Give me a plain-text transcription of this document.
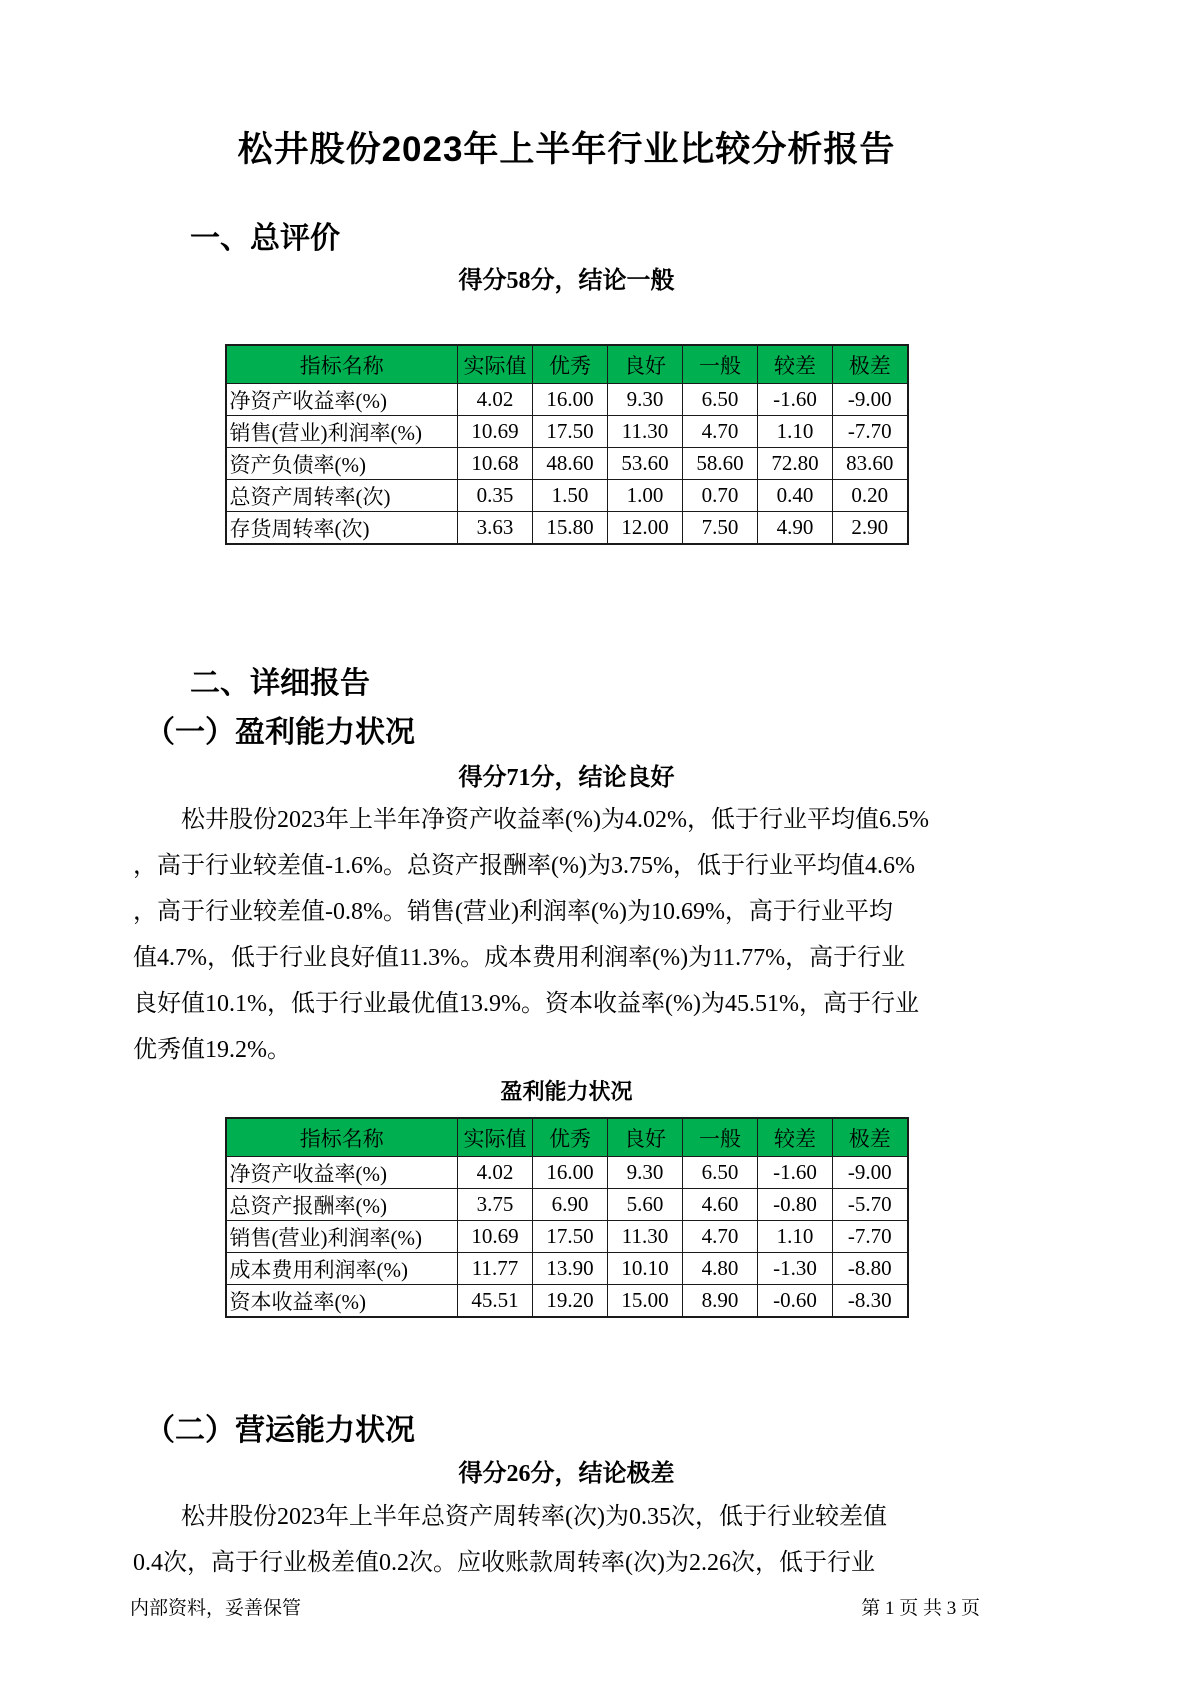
松井股份2023年上半年行业比较分析报告
一、总评价
得分58分，结论一般
指标名称	实际值	优秀	良好	一般	较差	极差
净资产收益率(%)	4.02	16.00	9.30	6.50	-1.60	-9.00
销售(营业)利润率(%)	10.69	17.50	11.30	4.70	1.10	-7.70
资产负债率(%)	10.68	48.60	53.60	58.60	72.80	83.60
总资产周转率(次)	0.35	1.50	1.00	0.70	0.40	0.20
存货周转率(次)	3.63	15.80	12.00	7.50	4.90	2.90
二、详细报告
（一）盈利能力状况
得分71分，结论良好
松井股份2023年上半年净资产收益率(%)为4.02%，低于行业平均值6.5%
，高于行业较差值-1.6%。总资产报酬率(%)为3.75%，低于行业平均值4.6%
，高于行业较差值-0.8%。销售(营业)利润率(%)为10.69%，高于行业平均
值4.7%，低于行业良好值11.3%。成本费用利润率(%)为11.77%，高于行业
良好值10.1%，低于行业最优值13.9%。资本收益率(%)为45.51%，高于行业
优秀值19.2%。
盈利能力状况
指标名称	实际值	优秀	良好	一般	较差	极差
净资产收益率(%)	4.02	16.00	9.30	6.50	-1.60	-9.00
总资产报酬率(%)	3.75	6.90	5.60	4.60	-0.80	-5.70
销售(营业)利润率(%)	10.69	17.50	11.30	4.70	1.10	-7.70
成本费用利润率(%)	11.77	13.90	10.10	4.80	-1.30	-8.80
资本收益率(%)	45.51	19.20	15.00	8.90	-0.60	-8.30
（二）营运能力状况
得分26分，结论极差
松井股份2023年上半年总资产周转率(次)为0.35次，低于行业较差值
0.4次，高于行业极差值0.2次。应收账款周转率(次)为2.26次，低于行业
内部资料，妥善保管	第 1 页 共 3 页
